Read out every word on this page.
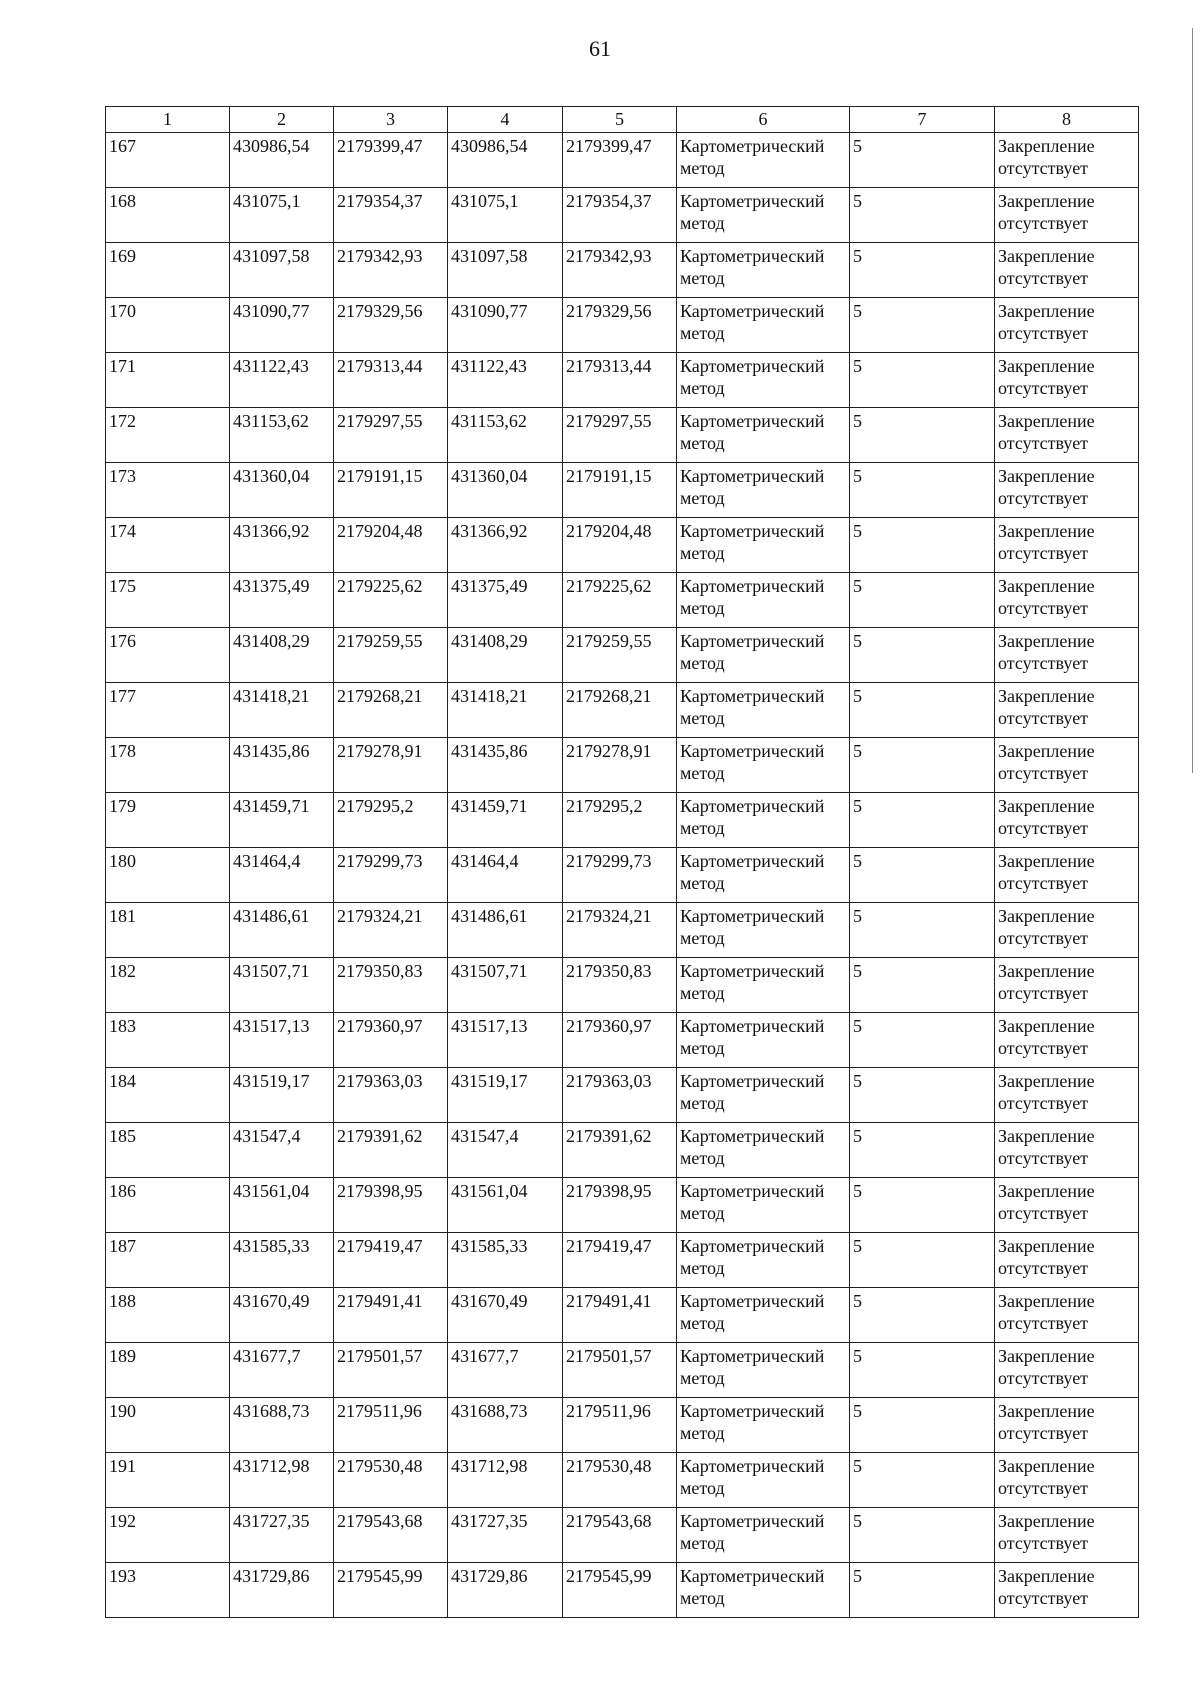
61
1	2	3	4	5	6	7	8
167	430986,54	2179399,47	430986,54	2179399,47	Картометрический метод	5	Закрепление отсутствует
168	431075,1	2179354,37	431075,1	2179354,37	Картометрический метод	5	Закрепление отсутствует
169	431097,58	2179342,93	431097,58	2179342,93	Картометрический метод	5	Закрепление отсутствует
170	431090,77	2179329,56	431090,77	2179329,56	Картометрический метод	5	Закрепление отсутствует
171	431122,43	2179313,44	431122,43	2179313,44	Картометрический метод	5	Закрепление отсутствует
172	431153,62	2179297,55	431153,62	2179297,55	Картометрический метод	5	Закрепление отсутствует
173	431360,04	2179191,15	431360,04	2179191,15	Картометрический метод	5	Закрепление отсутствует
174	431366,92	2179204,48	431366,92	2179204,48	Картометрический метод	5	Закрепление отсутствует
175	431375,49	2179225,62	431375,49	2179225,62	Картометрический метод	5	Закрепление отсутствует
176	431408,29	2179259,55	431408,29	2179259,55	Картометрический метод	5	Закрепление отсутствует
177	431418,21	2179268,21	431418,21	2179268,21	Картометрический метод	5	Закрепление отсутствует
178	431435,86	2179278,91	431435,86	2179278,91	Картометрический метод	5	Закрепление отсутствует
179	431459,71	2179295,2	431459,71	2179295,2	Картометрический метод	5	Закрепление отсутствует
180	431464,4	2179299,73	431464,4	2179299,73	Картометрический метод	5	Закрепление отсутствует
181	431486,61	2179324,21	431486,61	2179324,21	Картометрический метод	5	Закрепление отсутствует
182	431507,71	2179350,83	431507,71	2179350,83	Картометрический метод	5	Закрепление отсутствует
183	431517,13	2179360,97	431517,13	2179360,97	Картометрический метод	5	Закрепление отсутствует
184	431519,17	2179363,03	431519,17	2179363,03	Картометрический метод	5	Закрепление отсутствует
185	431547,4	2179391,62	431547,4	2179391,62	Картометрический метод	5	Закрепление отсутствует
186	431561,04	2179398,95	431561,04	2179398,95	Картометрический метод	5	Закрепление отсутствует
187	431585,33	2179419,47	431585,33	2179419,47	Картометрический метод	5	Закрепление отсутствует
188	431670,49	2179491,41	431670,49	2179491,41	Картометрический метод	5	Закрепление отсутствует
189	431677,7	2179501,57	431677,7	2179501,57	Картометрический метод	5	Закрепление отсутствует
190	431688,73	2179511,96	431688,73	2179511,96	Картометрический метод	5	Закрепление отсутствует
191	431712,98	2179530,48	431712,98	2179530,48	Картометрический метод	5	Закрепление отсутствует
192	431727,35	2179543,68	431727,35	2179543,68	Картометрический метод	5	Закрепление отсутствует
193	431729,86	2179545,99	431729,86	2179545,99	Картометрический метод	5	Закрепление отсутствует
